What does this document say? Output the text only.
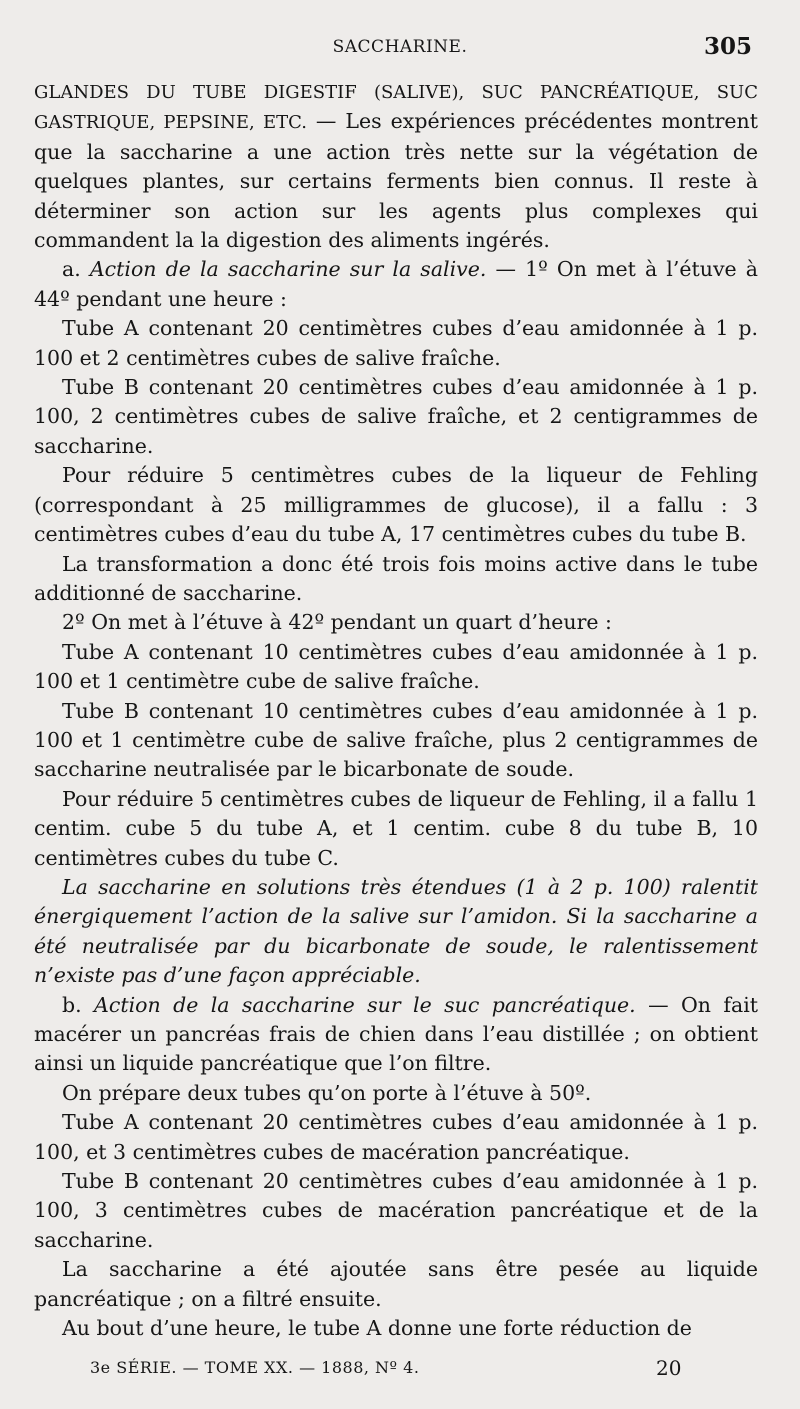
SACCHARINE.	305

GLANDES DU TUBE DIGESTIF (SALIVE), SUC PANCRÉATIQUE, SUC GASTRIQUE, PEPSINE, ETC. — Les expériences précédentes montrent que la saccharine a une action très nette sur la végétation de quelques plantes, sur certains ferments bien connus. Il reste à déterminer son action sur les agents plus complexes qui commandent la la digestion des aliments ingérés.

a. Action de la saccharine sur la salive. — 1º On met à l’étuve à 44º pendant une heure :

Tube A contenant 20 centimètres cubes d’eau amidonnée à 1 p. 100 et 2 centimètres cubes de salive fraîche.

Tube B contenant 20 centimètres cubes d’eau amidonnée à 1 p. 100, 2 centimètres cubes de salive fraîche, et 2 centigrammes de saccharine.

Pour réduire 5 centimètres cubes de la liqueur de Fehling (correspondant à 25 milligrammes de glucose), il a fallu : 3 centimètres cubes d’eau du tube A, 17 centimètres cubes du tube B.

La transformation a donc été trois fois moins active dans le tube additionné de saccharine.

2º On met à l’étuve à 42º pendant un quart d’heure :

Tube A contenant 10 centimètres cubes d’eau amidonnée à 1 p. 100 et 1 centimètre cube de salive fraîche.

Tube B contenant 10 centimètres cubes d’eau amidonnée à 1 p. 100 et 1 centimètre cube de salive fraîche, plus 2 centigrammes de saccharine neutralisée par le bicarbonate de soude.

Pour réduire 5 centimètres cubes de liqueur de Fehling, il a fallu 1 centim. cube 5 du tube A, et 1 centim. cube 8 du tube B, 10 centimètres cubes du tube C.

La saccharine en solutions très étendues (1 à 2 p. 100) ralentit énergiquement l’action de la salive sur l’amidon. Si la saccharine a été neutralisée par du bicarbonate de soude, le ralentissement n’existe pas d’une façon appréciable.

b. Action de la saccharine sur le suc pancréatique. — On fait macérer un pancréas frais de chien dans l’eau distillée ; on obtient ainsi un liquide pancréatique que l’on filtre.

On prépare deux tubes qu’on porte à l’étuve à 50º.

Tube A contenant 20 centimètres cubes d’eau amidonnée à 1 p. 100, et 3 centimètres cubes de macération pancréatique.

Tube B contenant 20 centimètres cubes d’eau amidonnée à 1 p. 100, 3 centimètres cubes de macération pancréatique et de la saccharine.

La saccharine a été ajoutée sans être pesée au liquide pancréatique ; on a filtré ensuite.

Au bout d’une heure, le tube A donne une forte réduction de

3e SÉRIE. — TOME XX. — 1888, Nº 4.	20
